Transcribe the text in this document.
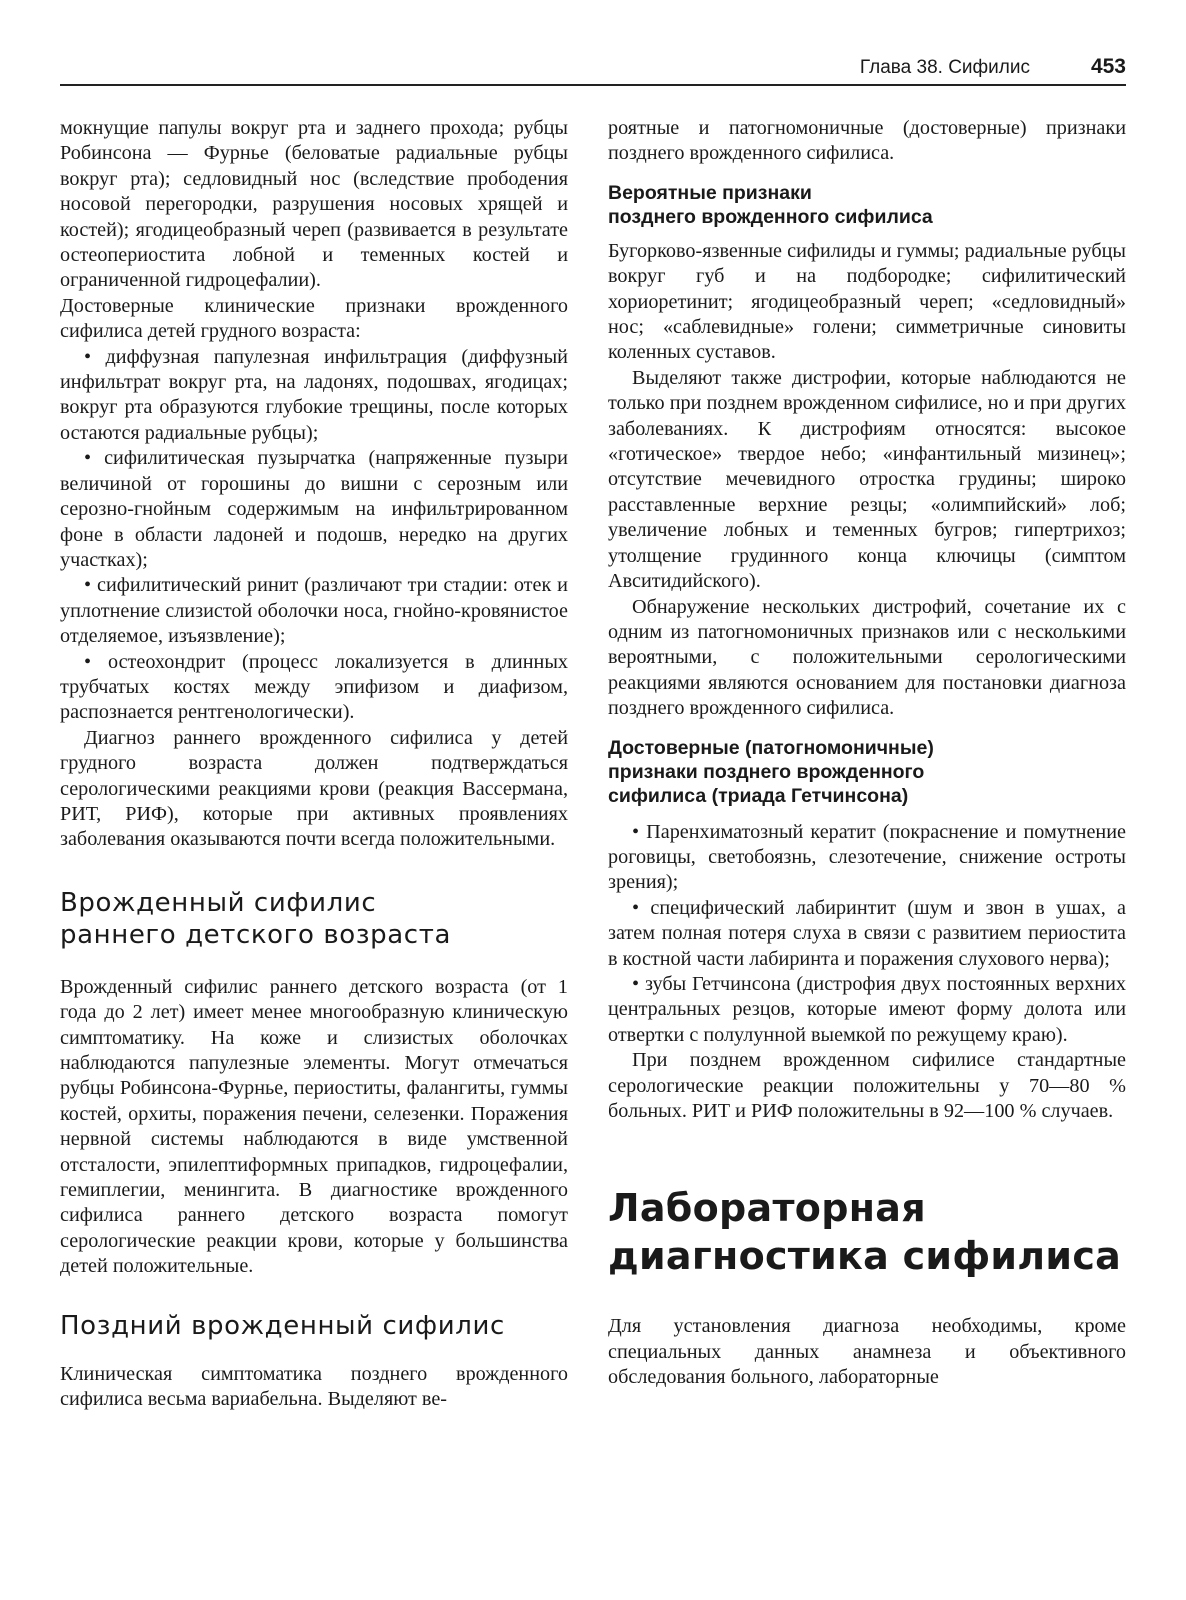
Глава 38. Сифилис	453

мокнущие папулы вокруг рта и заднего прохода; рубцы Робинсона — Фурнье (беловатые радиальные рубцы вокруг рта); седловидный нос (вследствие прободения носовой перегородки, разрушения носовых хрящей и костей); ягодицеобразный череп (развивается в результате остеопериостита лобной и теменных костей и ограниченной гидроцефалии).

Достоверные клинические признаки врожденного сифилиса детей грудного возраста:

• диффузная папулезная инфильтрация (диффузный инфильтрат вокруг рта, на ладонях, подошвах, ягодицах; вокруг рта образуются глубокие трещины, после которых остаются радиальные рубцы);

• сифилитическая пузырчатка (напряженные пузыри величиной от горошины до вишни с серозным или серозно-гнойным содержимым на инфильтрированном фоне в области ладоней и подошв, нередко на других участках);

• сифилитический ринит (различают три стадии: отек и уплотнение слизистой оболочки носа, гнойно-кровянистое отделяемое, изъязвление);

• остеохондрит (процесс локализуется в длинных трубчатых костях между эпифизом и диафизом, распознается рентгенологически).

Диагноз раннего врожденного сифилиса у детей грудного возраста должен подтверждаться серологическими реакциями крови (реакция Вассермана, РИТ, РИФ), которые при активных проявлениях заболевания оказываются почти всегда положительными.

Врожденный сифилис
раннего детского возраста

Врожденный сифилис раннего детского возраста (от 1 года до 2 лет) имеет менее многообразную клиническую симптоматику. На коже и слизистых оболочках наблюдаются папулезные элементы. Могут отмечаться рубцы Робинсона-Фурнье, периоститы, фалангиты, гуммы костей, орхиты, поражения печени, селезенки. Поражения нервной системы наблюдаются в виде умственной отсталости, эпилептиформных припадков, гидроцефалии, гемиплегии, менингита. В диагностике врожденного сифилиса раннего детского возраста помогут серологические реакции крови, которые у большинства детей положительные.

Поздний врожденный сифилис

Клиническая симптоматика позднего врожденного сифилиса весьма вариабельна. Выделяют ве-

роятные и патогномоничные (достоверные) признаки позднего врожденного сифилиса.

Вероятные признаки
позднего врожденного сифилиса

Бугорково-язвенные сифилиды и гуммы; радиальные рубцы вокруг губ и на подбородке; сифилитический хориоретинит; ягодицеобразный череп; «седловидный» нос; «саблевидные» голени; симметричные синовиты коленных суставов.

Выделяют также дистрофии, которые наблюдаются не только при позднем врожденном сифилисе, но и при других заболеваниях. К дистрофиям относятся: высокое «готическое» твердое небо; «инфантильный мизинец»; отсутствие мечевидного отростка грудины; широко расставленные верхние резцы; «олимпийский» лоб; увеличение лобных и теменных бугров; гипертрихоз; утолщение грудинного конца ключицы (симптом Авситидийского).

Обнаружение нескольких дистрофий, сочетание их с одним из патогномоничных признаков или с несколькими вероятными, с положительными серологическими реакциями являются основанием для постановки диагноза позднего врожденного сифилиса.

Достоверные (патогномоничные)
признаки позднего врожденного
сифилиса (триада Гетчинсона)

• Паренхиматозный кератит (покраснение и помутнение роговицы, светобоязнь, слезотечение, снижение остроты зрения);

• специфический лабиринтит (шум и звон в ушах, а затем полная потеря слуха в связи с развитием периостита в костной части лабиринта и поражения слухового нерва);

• зубы Гетчинсона (дистрофия двух постоянных верхних центральных резцов, которые имеют форму долота или отвертки с полулунной выемкой по режущему краю).

При позднем врожденном сифилисе стандартные серологические реакции положительны у 70—80 % больных. РИТ и РИФ положительны в 92—100 % случаев.

Лабораторная
диагностика сифилиса

Для установления диагноза необходимы, кроме специальных данных анамнеза и объективного обследования больного, лабораторные
